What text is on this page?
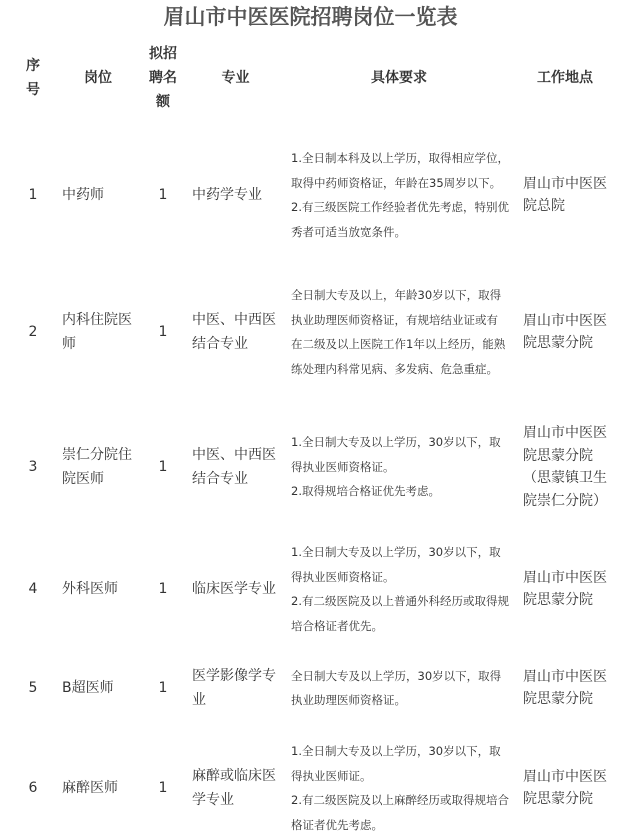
眉山市中医医院招聘岗位一览表
序号	岗位	拟招聘名额	专业	具体要求	工作地点
1	中药师	1	中药学专业	1.全日制本科及以上学历，取得相应学位，取得中药师资格证，年龄在35周岁以下。
2.有三级医院工作经验者优先考虑，特别优秀者可适当放宽条件。	眉山市中医医院总院
2	内科住院医师	1	中医、中西医结合专业	全日制大专及以上，年龄30岁以下，取得执业助理医师资格证，有规培结业证或有在二级及以上医院工作1年以上经历，能熟练处理内科常见病、多发病、危急重症。	眉山市中医医院思蒙分院
3	崇仁分院住院医师	1	中医、中西医结合专业	1.全日制大专及以上学历，30岁以下，取得执业医师资格证。
2.取得规培合格证优先考虑。	眉山市中医医院思蒙分院（思蒙镇卫生院崇仁分院）
4	外科医师	1	临床医学专业	1.全日制大专及以上学历，30岁以下，取得执业医师资格证。
2.有二级医院及以上普通外科经历或取得规培合格证者优先。	眉山市中医医院思蒙分院
5	B超医师	1	医学影像学专业	全日制大专及以上学历，30岁以下，取得执业助理医师资格证。	眉山市中医医院思蒙分院
6	麻醉医师	1	麻醉或临床医学专业	1.全日制大专及以上学历，30岁以下，取得执业医师证。
2.有二级医院及以上麻醉经历或取得规培合格证者优先考虑。	眉山市中医医院思蒙分院
